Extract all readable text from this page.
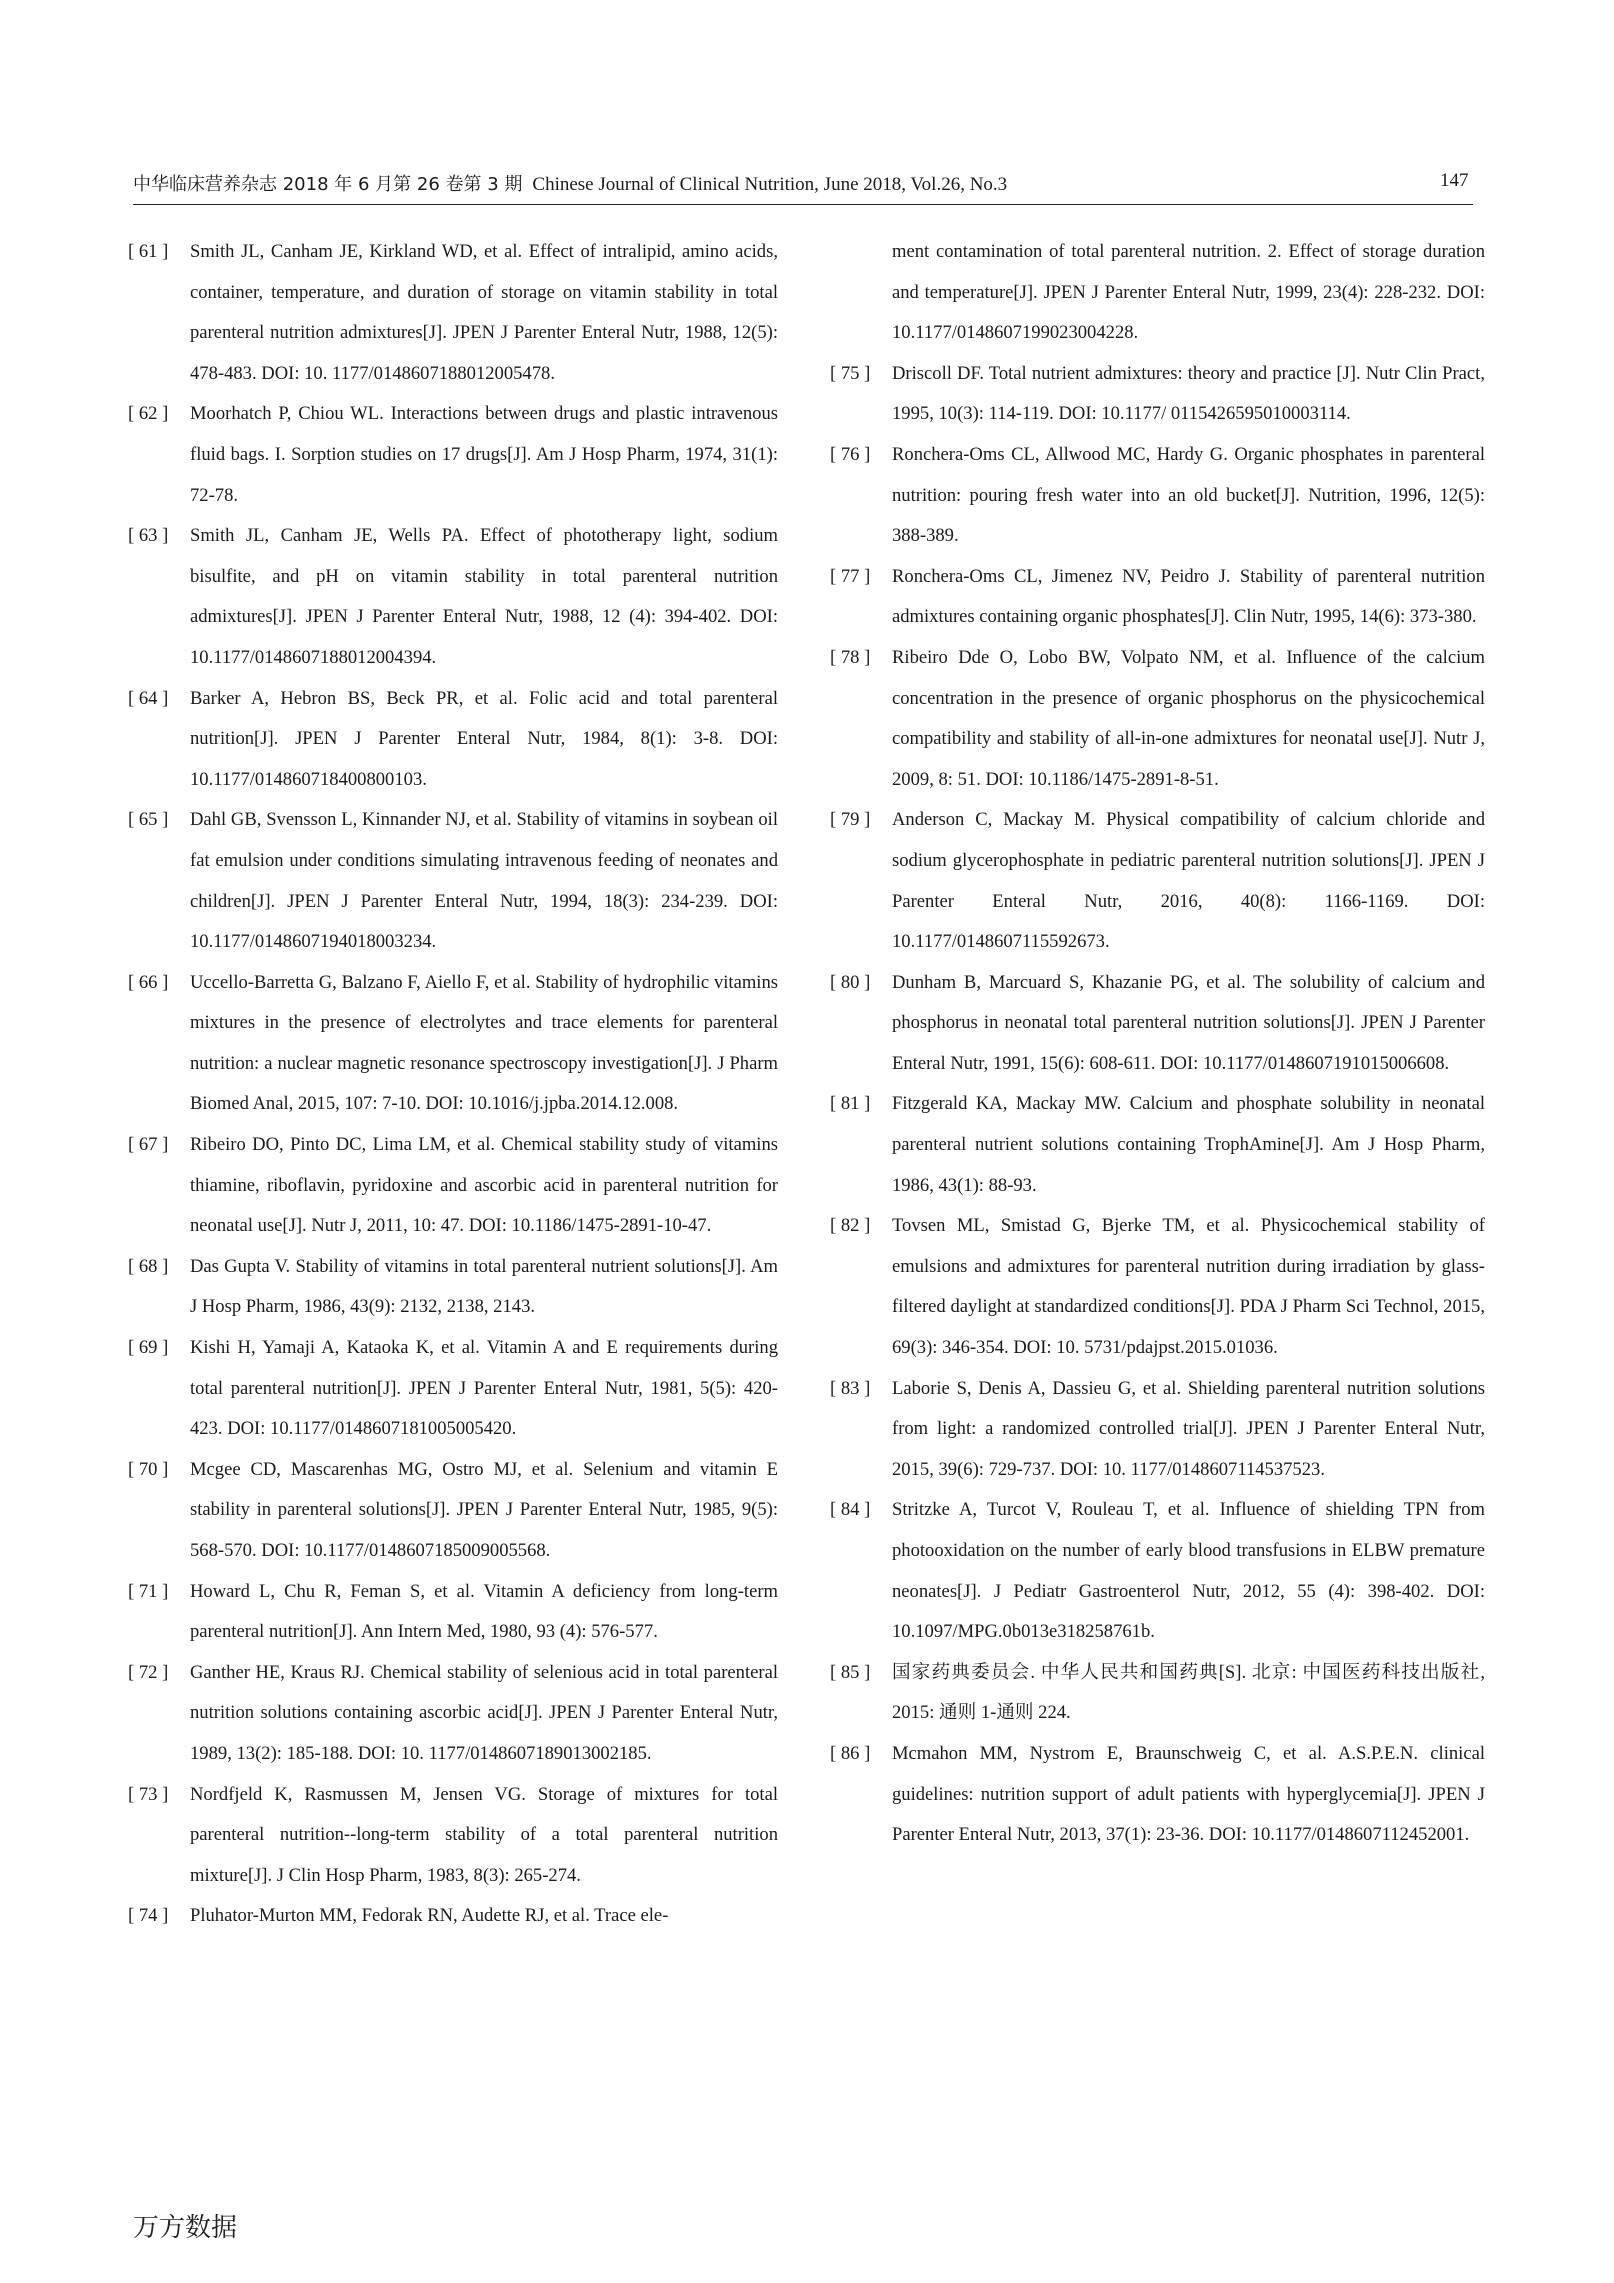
中华临床营养杂志 2018 年 6 月第 26 卷第 3 期 Chinese Journal of Clinical Nutrition, June 2018, Vol.26, No.3	147
[ 61 ] Smith JL, Canham JE, Kirkland WD, et al. Effect of intralipid, amino acids, container, temperature, and duration of storage on vitamin stability in total parenteral nutrition admixtures[J]. JPEN J Parenter Enteral Nutr, 1988, 12(5): 478-483. DOI: 10. 1177/0148607188012005478.
[ 62 ] Moorhatch P, Chiou WL. Interactions between drugs and plastic intravenous fluid bags. I. Sorption studies on 17 drugs[J]. Am J Hosp Pharm, 1974, 31(1): 72-78.
[ 63 ] Smith JL, Canham JE, Wells PA. Effect of phototherapy light, sodium bisulfite, and pH on vitamin stability in total parenteral nutrition admixtures[J]. JPEN J Parenter Enteral Nutr, 1988, 12 (4): 394-402. DOI: 10.1177/0148607188012004394.
[ 64 ] Barker A, Hebron BS, Beck PR, et al. Folic acid and total parenteral nutrition[J]. JPEN J Parenter Enteral Nutr, 1984, 8(1): 3-8. DOI: 10.1177/014860718400800103.
[ 65 ] Dahl GB, Svensson L, Kinnander NJ, et al. Stability of vitamins in soybean oil fat emulsion under conditions simulating intravenous feeding of neonates and children[J]. JPEN J Parenter Enteral Nutr, 1994, 18(3): 234-239. DOI: 10.1177/0148607194018003234.
[ 66 ] Uccello-Barretta G, Balzano F, Aiello F, et al. Stability of hydrophilic vitamins mixtures in the presence of electrolytes and trace elements for parenteral nutrition: a nuclear magnetic resonance spectroscopy investigation[J]. J Pharm Biomed Anal, 2015, 107: 7-10. DOI: 10.1016/j.jpba.2014.12.008.
[ 67 ] Ribeiro DO, Pinto DC, Lima LM, et al. Chemical stability study of vitamins thiamine, riboflavin, pyridoxine and ascorbic acid in parenteral nutrition for neonatal use[J]. Nutr J, 2011, 10: 47. DOI: 10.1186/1475-2891-10-47.
[ 68 ] Das Gupta V. Stability of vitamins in total parenteral nutrient solutions[J]. Am J Hosp Pharm, 1986, 43(9): 2132, 2138, 2143.
[ 69 ] Kishi H, Yamaji A, Kataoka K, et al. Vitamin A and E requirements during total parenteral nutrition[J]. JPEN J Parenter Enteral Nutr, 1981, 5(5): 420-423. DOI: 10.1177/0148607181005005420.
[ 70 ] Mcgee CD, Mascarenhas MG, Ostro MJ, et al. Selenium and vitamin E stability in parenteral solutions[J]. JPEN J Parenter Enteral Nutr, 1985, 9(5): 568-570. DOI: 10.1177/0148607185009005568.
[ 71 ] Howard L, Chu R, Feman S, et al. Vitamin A deficiency from long-term parenteral nutrition[J]. Ann Intern Med, 1980, 93 (4): 576-577.
[ 72 ] Ganther HE, Kraus RJ. Chemical stability of selenious acid in total parenteral nutrition solutions containing ascorbic acid[J]. JPEN J Parenter Enteral Nutr, 1989, 13(2): 185-188. DOI: 10. 1177/0148607189013002185.
[ 73 ] Nordfjeld K, Rasmussen M, Jensen VG. Storage of mixtures for total parenteral nutrition--long-term stability of a total parenteral nutrition mixture[J]. J Clin Hosp Pharm, 1983, 8(3): 265-274.
[ 74 ] Pluhator-Murton MM, Fedorak RN, Audette RJ, et al. Trace ele-
ment contamination of total parenteral nutrition. 2. Effect of storage duration and temperature[J]. JPEN J Parenter Enteral Nutr, 1999, 23(4): 228-232. DOI: 10.1177/0148607199023004228.
[ 75 ] Driscoll DF. Total nutrient admixtures: theory and practice [J]. Nutr Clin Pract, 1995, 10(3): 114-119. DOI: 10.1177/ 0115426595010003114.
[ 76 ] Ronchera-Oms CL, Allwood MC, Hardy G. Organic phosphates in parenteral nutrition: pouring fresh water into an old bucket[J]. Nutrition, 1996, 12(5): 388-389.
[ 77 ] Ronchera-Oms CL, Jimenez NV, Peidro J. Stability of parenteral nutrition admixtures containing organic phosphates[J]. Clin Nutr, 1995, 14(6): 373-380.
[ 78 ] Ribeiro Dde O, Lobo BW, Volpato NM, et al. Influence of the calcium concentration in the presence of organic phosphorus on the physicochemical compatibility and stability of all-in-one admixtures for neonatal use[J]. Nutr J, 2009, 8: 51. DOI: 10.1186/1475-2891-8-51.
[ 79 ] Anderson C, Mackay M. Physical compatibility of calcium chloride and sodium glycerophosphate in pediatric parenteral nutrition solutions[J]. JPEN J Parenter Enteral Nutr, 2016, 40(8): 1166-1169. DOI: 10.1177/0148607115592673.
[ 80 ] Dunham B, Marcuard S, Khazanie PG, et al. The solubility of calcium and phosphorus in neonatal total parenteral nutrition solutions[J]. JPEN J Parenter Enteral Nutr, 1991, 15(6): 608-611. DOI: 10.1177/0148607191015006608.
[ 81 ] Fitzgerald KA, Mackay MW. Calcium and phosphate solubility in neonatal parenteral nutrient solutions containing TrophAmine[J]. Am J Hosp Pharm, 1986, 43(1): 88-93.
[ 82 ] Tovsen ML, Smistad G, Bjerke TM, et al. Physicochemical stability of emulsions and admixtures for parenteral nutrition during irradiation by glass-filtered daylight at standardized conditions[J]. PDA J Pharm Sci Technol, 2015, 69(3): 346-354. DOI: 10. 5731/pdajpst.2015.01036.
[ 83 ] Laborie S, Denis A, Dassieu G, et al. Shielding parenteral nutrition solutions from light: a randomized controlled trial[J]. JPEN J Parenter Enteral Nutr, 2015, 39(6): 729-737. DOI: 10. 1177/0148607114537523.
[ 84 ] Stritzke A, Turcot V, Rouleau T, et al. Influence of shielding TPN from photooxidation on the number of early blood transfusions in ELBW premature neonates[J]. J Pediatr Gastroenterol Nutr, 2012, 55 (4): 398-402. DOI: 10.1097/MPG.0b013e318258761b.
[ 85 ] 国家药典委员会. 中华人民共和国药典[S]. 北京: 中国医药科技出版社, 2015: 通则 1-通则 224.
[ 86 ] Mcmahon MM, Nystrom E, Braunschweig C, et al. A.S.P.E.N. clinical guidelines: nutrition support of adult patients with hyperglycemia[J]. JPEN J Parenter Enteral Nutr, 2013, 37(1): 23-36. DOI: 10.1177/0148607112452001.
万方数据
